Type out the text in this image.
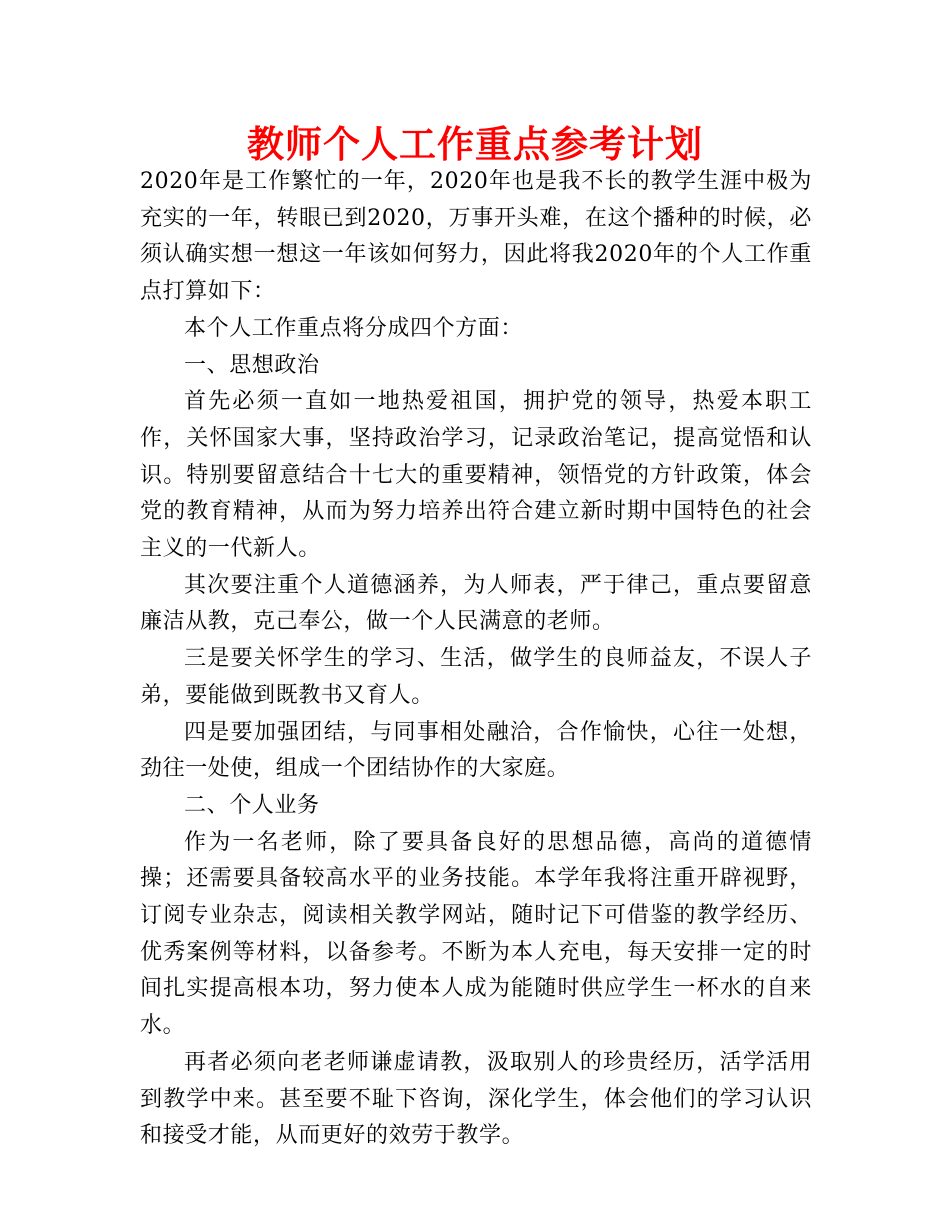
教师个人工作重点参考计划

2020年是工作繁忙的一年，2020年也是我不长的教学生涯中极为充实的一年，转眼已到2020，万事开头难，在这个播种的时候，必须认确实想一想这一年该如何努力，因此将我2020年的个人工作重点打算如下：

本个人工作重点将分成四个方面：

一、思想政治

首先必须一直如一地热爱祖国，拥护党的领导，热爱本职工作，关怀国家大事，坚持政治学习，记录政治笔记，提高觉悟和认识。特别要留意结合十七大的重要精神，领悟党的方针政策，体会党的教育精神，从而为努力培养出符合建立新时期中国特色的社会主义的一代新人。

其次要注重个人道德涵养，为人师表，严于律己，重点要留意廉洁从教，克己奉公，做一个人民满意的老师。

三是要关怀学生的学习、生活，做学生的良师益友，不误人子弟，要能做到既教书又育人。

四是要加强团结，与同事相处融洽，合作愉快，心往一处想，劲往一处使，组成一个团结协作的大家庭。

二、个人业务

作为一名老师，除了要具备良好的思想品德，高尚的道德情操；还需要具备较高水平的业务技能。本学年我将注重开辟视野，订阅专业杂志，阅读相关教学网站，随时记下可借鉴的教学经历、优秀案例等材料，以备参考。不断为本人充电，每天安排一定的时间扎实提高根本功，努力使本人成为能随时供应学生一杯水的自来水。

再者必须向老老师谦虚请教，汲取别人的珍贵经历，活学活用到教学中来。甚至要不耻下咨询，深化学生，体会他们的学习认识和接受才能，从而更好的效劳于教学。
